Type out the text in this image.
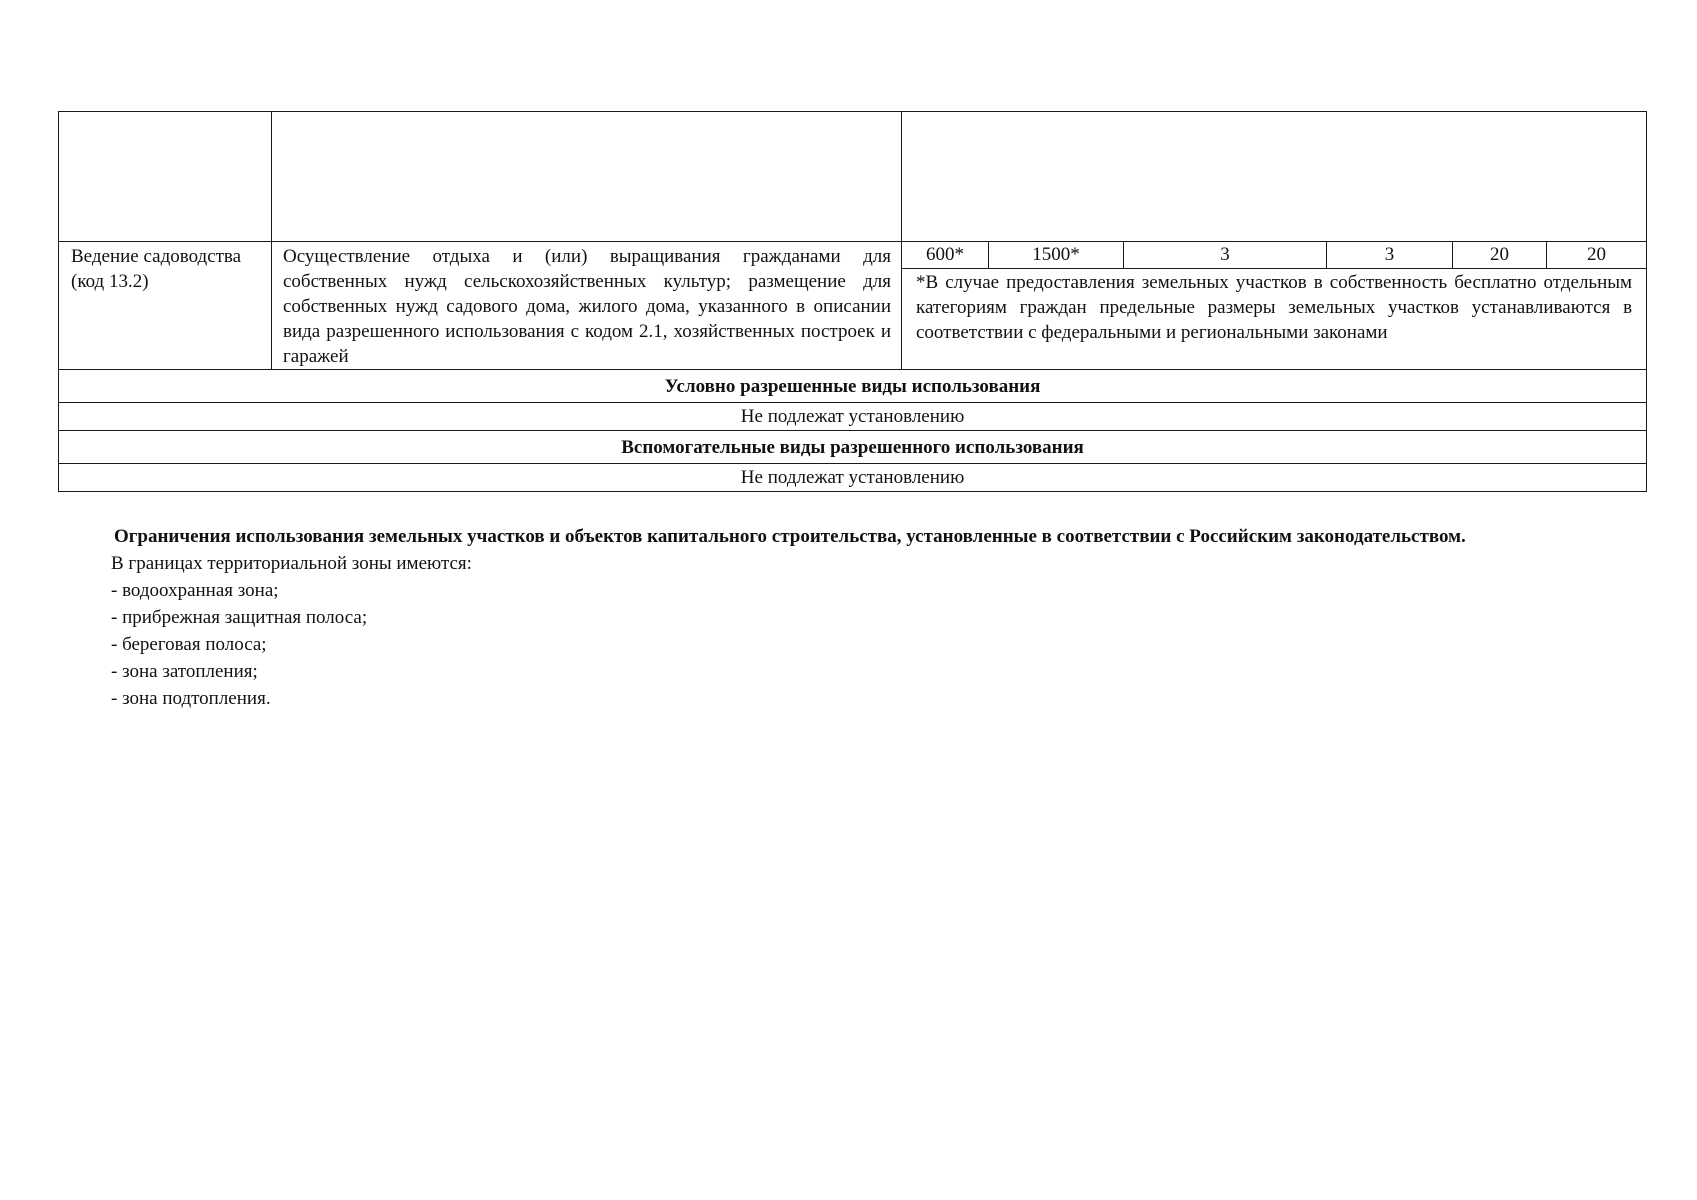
Ведение садоводства (код 13.2)	Осуществление отдыха и (или) выращивания гражданами для собственных нужд сельскохозяйственных культур; размещение для собственных нужд садового дома, жилого дома, указанного в описании вида разрешенного использования с кодом 2.1, хозяйственных построек и гаражей	600*	1500*	3	3	20	20
		*В случае предоставления земельных участков в собственность бесплатно отдельным категориям граждан предельные размеры земельных участков устанавливаются в соответствии с федеральными и региональными законами					
Условно разрешенные виды использования							
Не подлежат установлению							
Вспомогательные виды разрешенного использования							
Не подлежат установлению							

Ограничения использования земельных участков и объектов капитального строительства, установленные в соответствии с Российским законодательством.

В границах территориальной зоны имеются:

- водоохранная зона;
- прибрежная защитная полоса;
- береговая полоса;
- зона затопления;
- зона подтопления.
